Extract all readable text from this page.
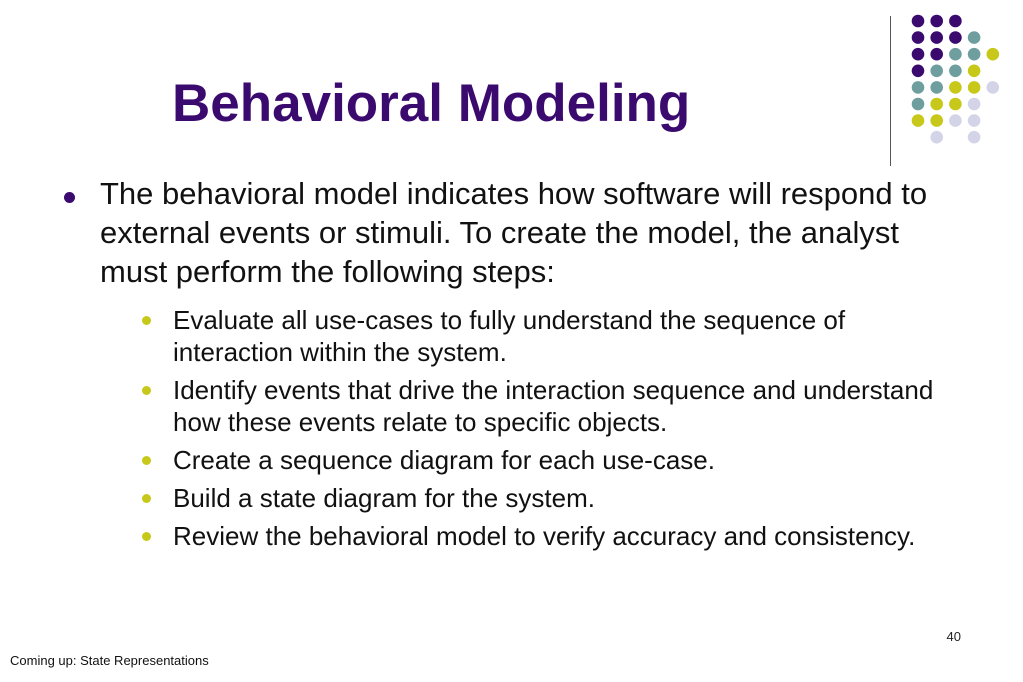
Behavioral Modeling
The behavioral model indicates how software will respond to external events or stimuli. To create the model, the analyst must perform the following steps:
Evaluate all use-cases to fully understand the sequence of interaction within the system.
Identify events that drive the interaction sequence and understand how these events relate to specific objects.
Create a sequence diagram for each use-case.
Build a state diagram for the system.
Review the behavioral model to verify accuracy and consistency.
40
Coming up: State Representations
